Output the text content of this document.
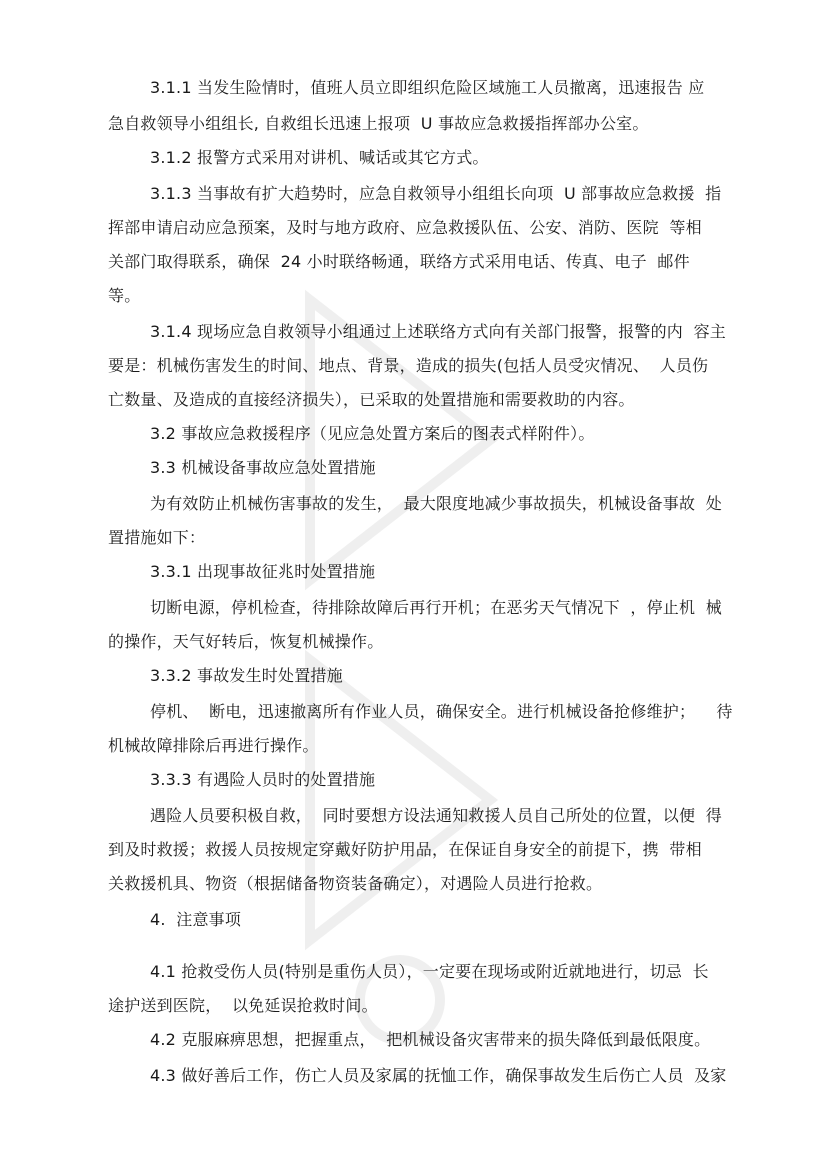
3.1.1 当发生险情时，值班人员立即组织危险区域施工人员撤离，迅速报告 应
急自救领导小组组长, 自救组长迅速上报项  U 事故应急救援指挥部办公室。
3.1.2 报警方式采用对讲机、喊话或其它方式。
3.1.3 当事故有扩大趋势时，应急自救领导小组组长向项  U 部事故应急救援  指
挥部申请启动应急预案，及时与地方政府、应急救援队伍、公安、消防、医院  等相
关部门取得联系，确保  24 小时联络畅通，联络方式采用电话、传真、电子  邮件
等。
3.1.4 现场应急自救领导小组通过上述联络方式向有关部门报警，报警的内  容主
要是：机械伤害发生的时间、地点、背景，造成的损失(包括人员受灾情况、  人员伤
亡数量、及造成的直接经济损失），已采取的处置措施和需要救助的内容。
3.2 事故应急救援程序（见应急处置方案后的图表式样附件）。
3.3 机械设备事故应急处置措施
为有效防止机械伤害事故的发生，  最大限度地减少事故损失，机械设备事故  处
置措施如下：
3.3.1 出现事故征兆时处置措施
切断电源，停机检查，待排除故障后再行开机；在恶劣天气情况下  ，停止机  械
的操作，天气好转后，恢复机械操作。
3.3.2 事故发生时处置措施
停机、  断电，迅速撤离所有作业人员，确保安全。进行机械设备抢修维护；    待
机械故障排除后再进行操作。
3.3.3 有遇险人员时的处置措施
遇险人员要积极自救，  同时要想方设法通知救援人员自己所处的位置，以便  得
到及时救援；救援人员按规定穿戴好防护用品，在保证自身安全的前提下，携  带相
关救援机具、物资（根据储备物资装备确定），对遇险人员进行抢救。
4.  注意事项
4.1 抢救受伤人员(特别是重伤人员），一定要在现场或附近就地进行，切忌  长
途护送到医院，  以免延误抢救时间。
4.2 克服麻痹思想，把握重点，  把机械设备灾害带来的损失降低到最低限度。
4.3 做好善后工作，伤亡人员及家属的抚恤工作，确保事故发生后伤亡人员  及家
